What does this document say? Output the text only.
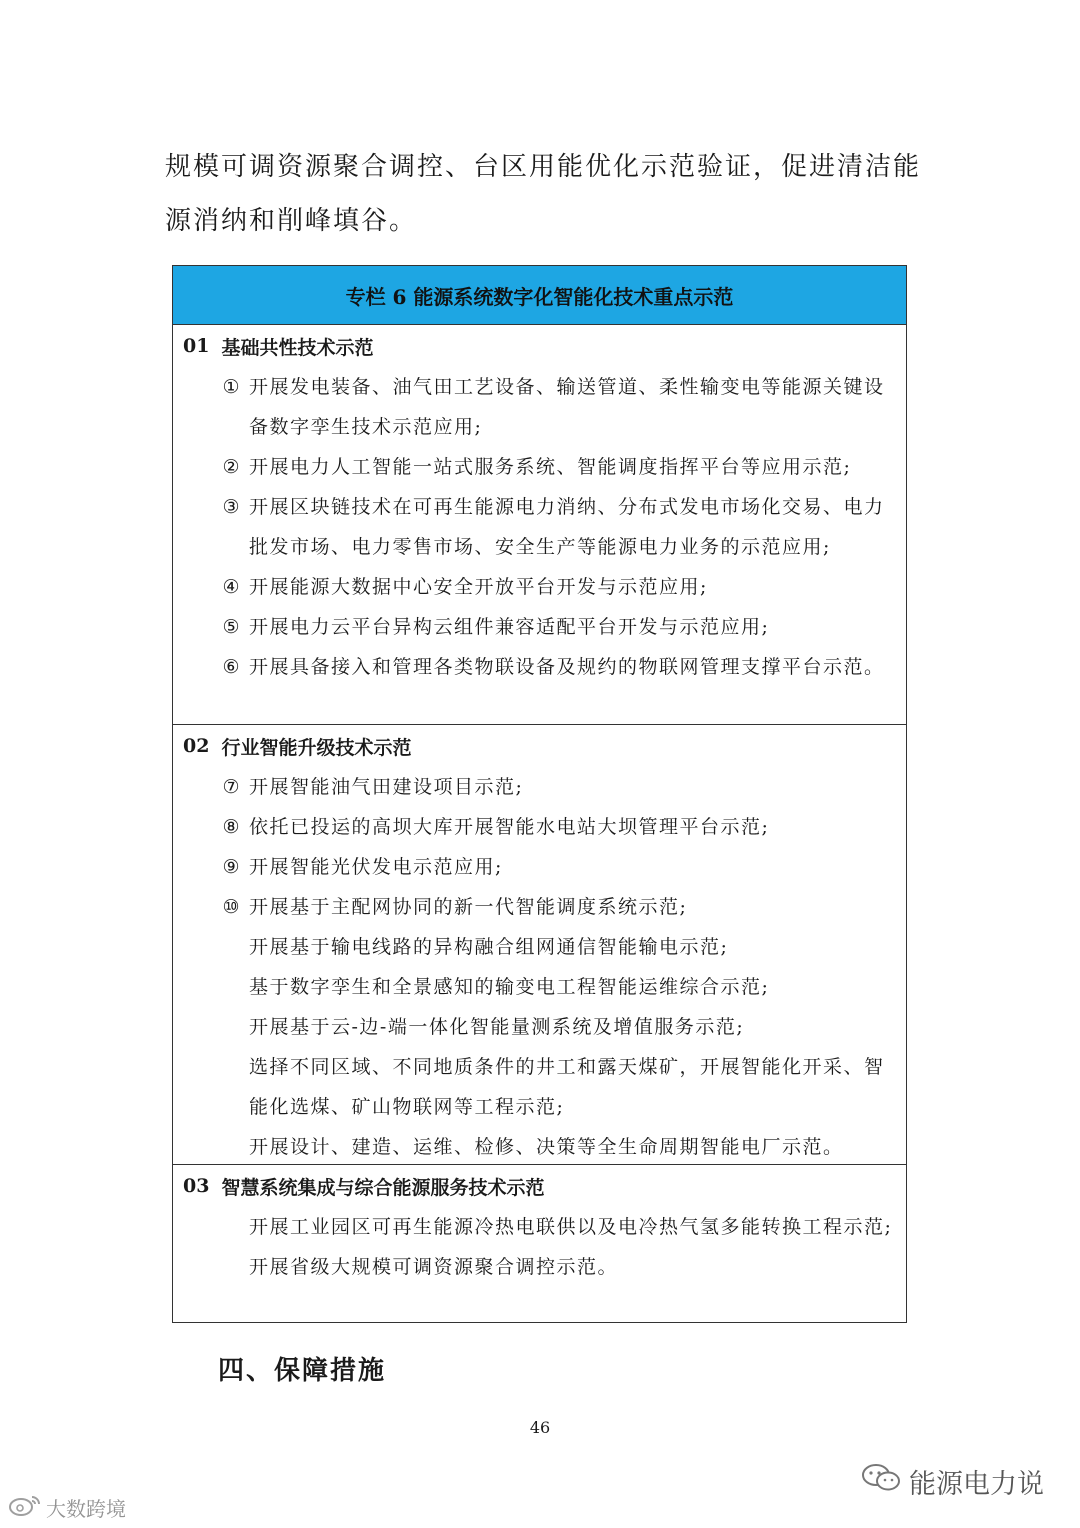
规模可调资源聚合调控、台区用能优化示范验证，促进清洁能源消纳和削峰填谷。
专栏 6 能源系统数字化智能化技术重点示范
01 基础共性技术示范
① 开展发电装备、油气田工艺设备、输送管道、柔性输变电等能源关键设备数字孪生技术示范应用;
② 开展电力人工智能一站式服务系统、智能调度指挥平台等应用示范;
③ 开展区块链技术在可再生能源电力消纳、分布式发电市场化交易、电力批发市场、电力零售市场、安全生产等能源电力业务的示范应用;
④ 开展能源大数据中心安全开放平台开发与示范应用;
⑤ 开展电力云平台异构云组件兼容适配平台开发与示范应用;
⑥ 开展具备接入和管理各类物联设备及规约的物联网管理支撑平台示范。
02 行业智能升级技术示范
⑦ 开展智能油气田建设项目示范;
⑧ 依托已投运的高坝大库开展智能水电站大坝管理平台示范;
⑨ 开展智能光伏发电示范应用;
⑩ 开展基于主配网协同的新一代智能调度系统示范;
开展基于输电线路的异构融合组网通信智能输电示范;
基于数字孪生和全景感知的输变电工程智能运维综合示范;
开展基于云-边-端一体化智能量测系统及增值服务示范;
选择不同区域、不同地质条件的井工和露天煤矿，开展智能化开采、智能化选煤、矿山物联网等工程示范;
开展设计、建造、运维、检修、决策等全生命周期智能电厂示范。
03 智慧系统集成与综合能源服务技术示范
开展工业园区可再生能源冷热电联供以及电冷热气氢多能转换工程示范;
开展省级大规模可调资源聚合调控示范。
四、保障措施
46
能源电力说
大数跨境
